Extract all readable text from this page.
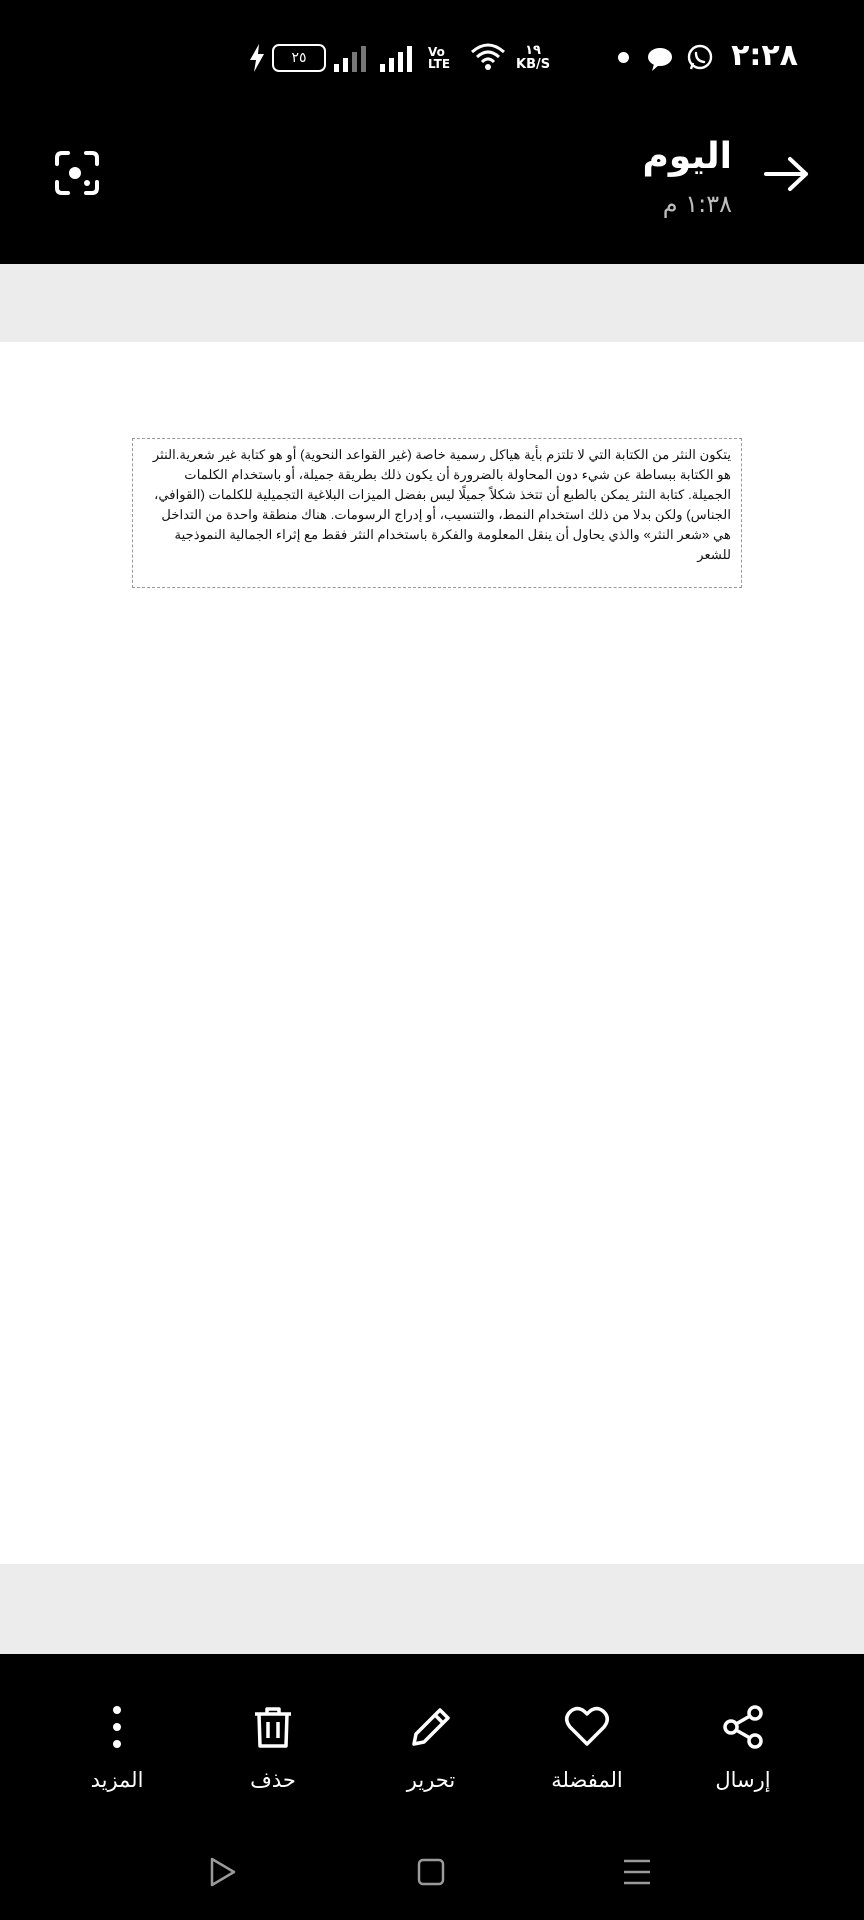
٢:٢٨
١٩
KB/S
Vo
LTE
٢٥
اليوم
١:٣٨ م
يتكون النثر من الكتابة التي لا تلتزم بأية هياكل رسمية خاصة (غير القواعد النحوية) أو هو كتابة غير شعرية.النثر هو الكتابة ببساطة عن شيء دون المحاولة بالضرورة أن يكون ذلك بطريقة جميلة، أو باستخدام الكلمات الجميلة. كتابة النثر يمكن بالطبع أن تتخذ شكلاً جميلًا ليس بفضل الميزات البلاغية التجميلية للكلمات (القوافي، الجناس) ولكن بدلا من ذلك استخدام النمط، والتنسيب، أو إدراج الرسومات. هناك منطقة واحدة من التداخل هي «شعر النثر» والذي يحاول أن ينقل المعلومة والفكرة باستخدام النثر فقط مع إثراء الجمالية النموذجية للشعر
إرسال
المفضلة
تحرير
حذف
المزيد
